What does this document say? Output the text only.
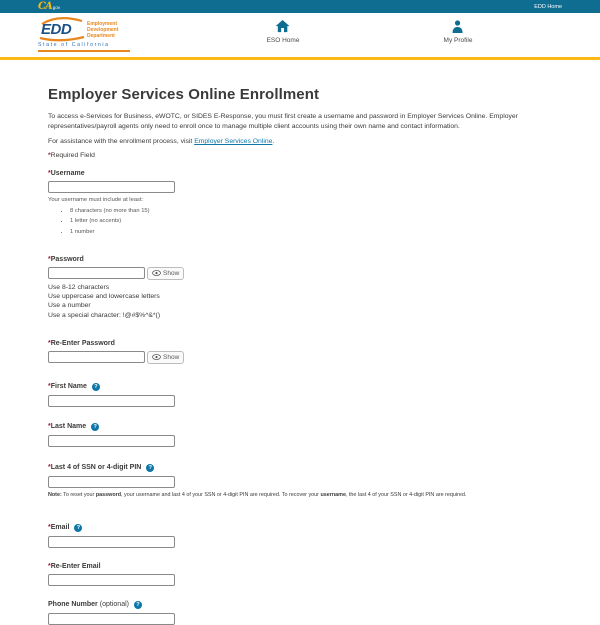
CA gov	EDD Home
EDD	Employment
Development
Department
State of California
ESO Home	My Profile
Employer Services Online Enrollment

To access e-Services for Business, eWOTC, or SIDES E-Response, you must first create a username and password in Employer Services Online. Employer representatives/payroll agents only need to enroll once to manage multiple client accounts using their own name and contact information.

For assistance with the enrollment process, visit Employer Services Online.

*Required Field

* Username
Your username must include at least:
• 8 characters (no more than 15)
• 1 letter (no accents)
• 1 number
* Password
Show
Use 8-12 characters
Use uppercase and lowercase letters
Use a number
Use a special character: !@#$%^&*()
* Re-Enter Password
Show
* First Name	?
* Last Name	?
* Last 4 of SSN or 4-digit PIN	?
Note: To reset your password, your username and last 4 of your SSN or 4-digit PIN are required. To recover your username, the last 4 of your SSN or 4-digit PIN are required.
* Email	?
* Re-Enter Email
Phone Number (optional)	?
